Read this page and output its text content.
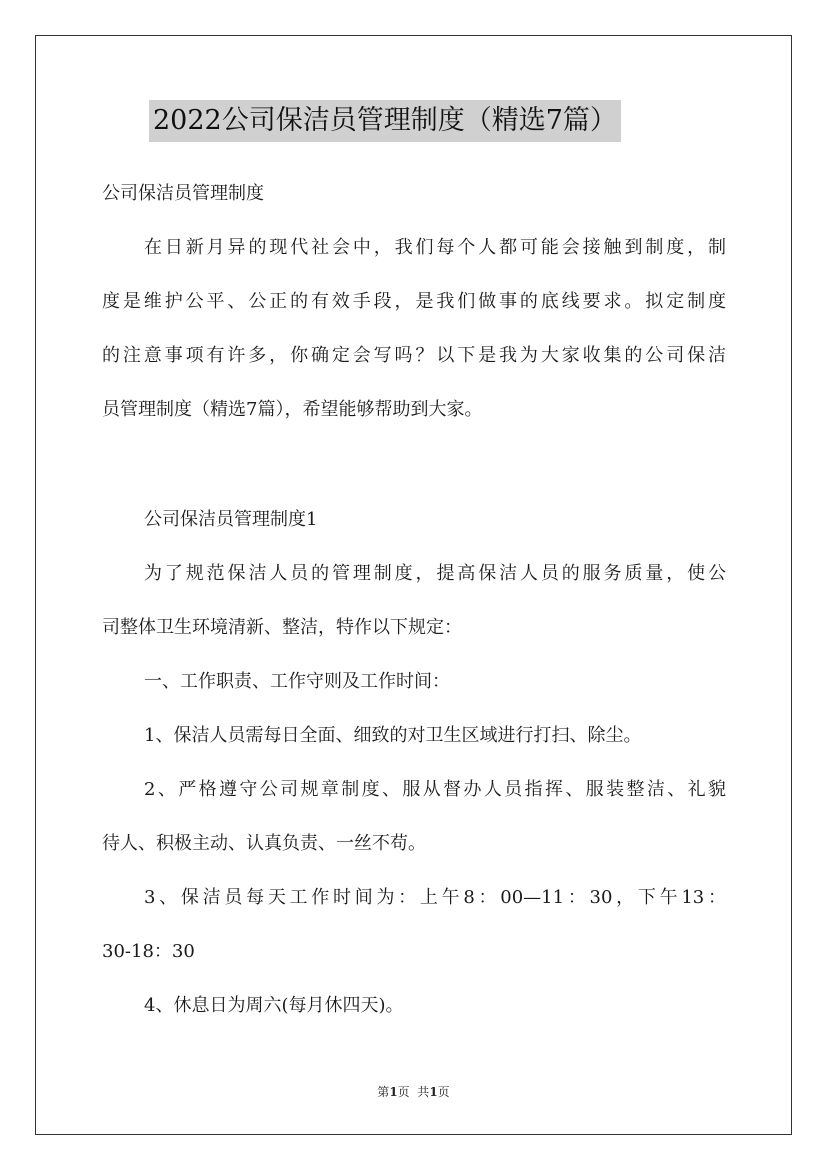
2022公司保洁员管理制度（精选7篇）
公司保洁员管理制度
在日新月异的现代社会中，我们每个人都可能会接触到制度，制
度是维护公平、公正的有效手段，是我们做事的底线要求。拟定制度
的注意事项有许多，你确定会写吗？以下是我为大家收集的公司保洁
员管理制度（精选7篇），希望能够帮助到大家。
公司保洁员管理制度1
为了规范保洁人员的管理制度，提高保洁人员的服务质量，使公
司整体卫生环境清新、整洁，特作以下规定：
一、工作职责、工作守则及工作时间：
1、保洁人员需每日全面、细致的对卫生区域进行打扫、除尘。
2、严格遵守公司规章制度、服从督办人员指挥、服装整洁、礼貌
待人、积极主动、认真负责、一丝不苟。
3、保洁员每天工作时间为：上午8：00—11：30，下午13：
30-18：30
4、休息日为周六(每月休四天)。
第1页  共1页
